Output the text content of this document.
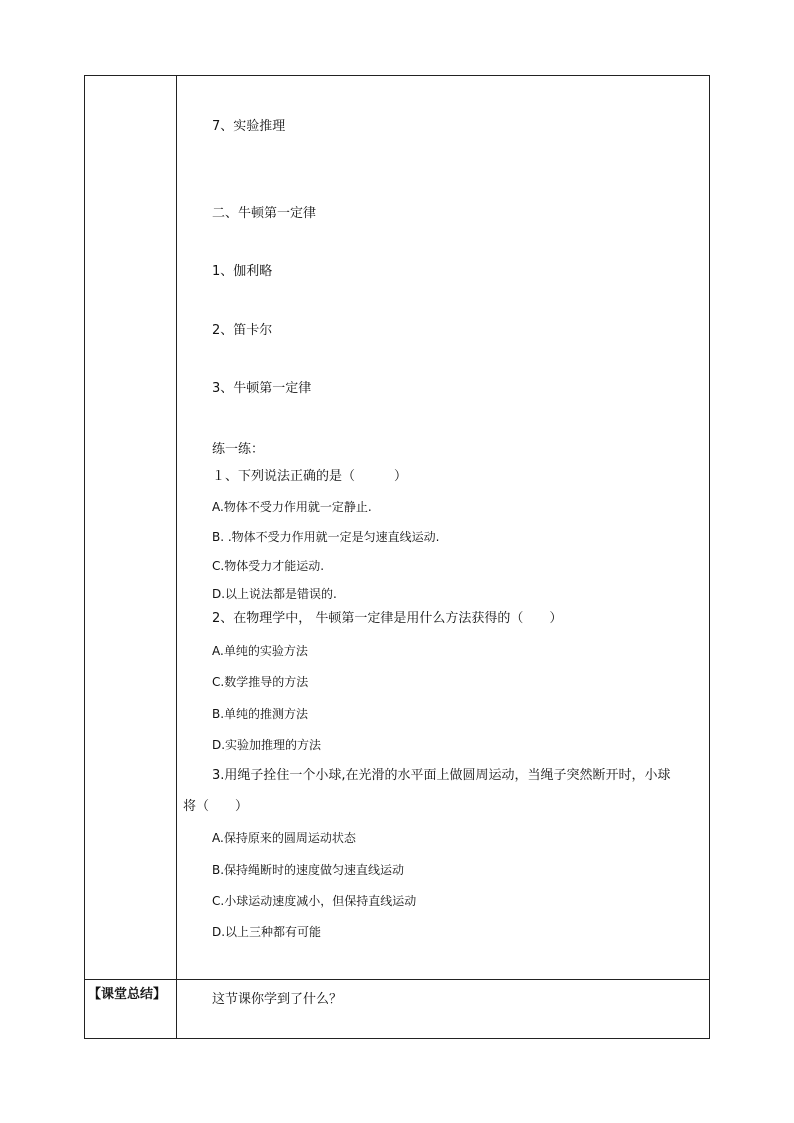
7、实验推理
二、牛顿第一定律
1、伽利略
2、笛卡尔
3、牛顿第一定律
练一练：
１、下列说法正确的是（　　　）
A.物体不受力作用就一定静止.
B. .物体不受力作用就一定是匀速直线运动.
C.物体受力才能运动.
D.以上说法都是错误的.
2、在物理学中， 牛顿第一定律是用什么方法获得的（　　）
A.单纯的实验方法
C.数学推导的方法
B.单纯的推测方法
D.实验加推理的方法
3.用绳子拴住一个小球,在光滑的水平面上做圆周运动，当绳子突然断开时，小球
将（　　）
A.保持原来的圆周运动状态
B.保持绳断时的速度做匀速直线运动
C.小球运动速度减小，但保持直线运动
D.以上三种都有可能
【课堂总结】	这节课你学到了什么？
